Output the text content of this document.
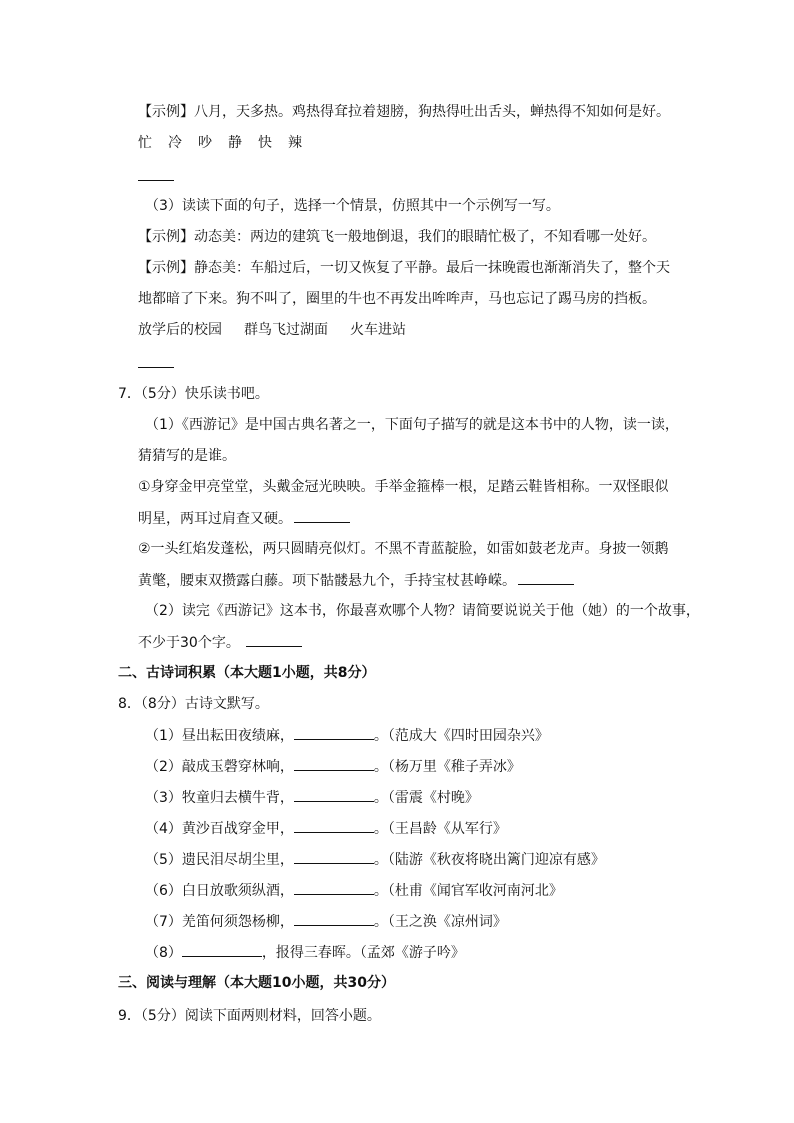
【示例】八月，天多热。鸡热得耷拉着翅膀，狗热得吐出舌头，蝉热得不知如何是好。
忙 冷 吵 静 快 辣
（3）读读下面的句子，选择一个情景，仿照其中一个示例写一写。
【示例】动态美：两边的建筑飞一般地倒退，我们的眼睛忙极了，不知看哪一处好。
【示例】静态美：车船过后，一切又恢复了平静。最后一抹晚霞也渐渐消失了，整个天
地都暗了下来。狗不叫了，圈里的牛也不再发出哞哞声，马也忘记了踢马房的挡板。
放学后的校园 群鸟飞过湖面 火车进站
7．（5分）快乐读书吧。
（1）《西游记》是中国古典名著之一，下面句子描写的就是这本书中的人物，读一读，
猜猜写的是谁。
①身穿金甲亮堂堂，头戴金冠光映映。手举金箍棒一根，足踏云鞋皆相称。一双怪眼似
明星，两耳过肩查又硬。
②一头红焰发蓬松，两只圆睛亮似灯。不黑不青蓝靛脸，如雷如鼓老龙声。身披一领鹅
黄氅，腰束双攒露白藤。项下骷髅悬九个，手持宝杖甚峥嵘。
（2）读完《西游记》这本书，你最喜欢哪个人物？请简要说说关于他（她）的一个故事，
不少于30个字。
二、古诗词积累（本大题1小题，共8分）
8．（8分）古诗文默写。
（1）昼出耘田夜绩麻，	。（范成大《四时田园杂兴》
（2）敲成玉磬穿林响，	。（杨万里《稚子弄冰》
（3）牧童归去横牛背，	。（雷震《村晚》
（4）黄沙百战穿金甲，	。（王昌龄《从军行》
（5）遗民泪尽胡尘里，	。（陆游《秋夜将晓出篱门迎凉有感》
（6）白日放歌须纵酒，	。（杜甫《闻官军收河南河北》
（7）羌笛何须怨杨柳，	。（王之涣《凉州词》
（8）	，报得三春晖。（孟郊《游子吟》
三、阅读与理解（本大题10小题，共30分）
9．（5分）阅读下面两则材料，回答小题。
